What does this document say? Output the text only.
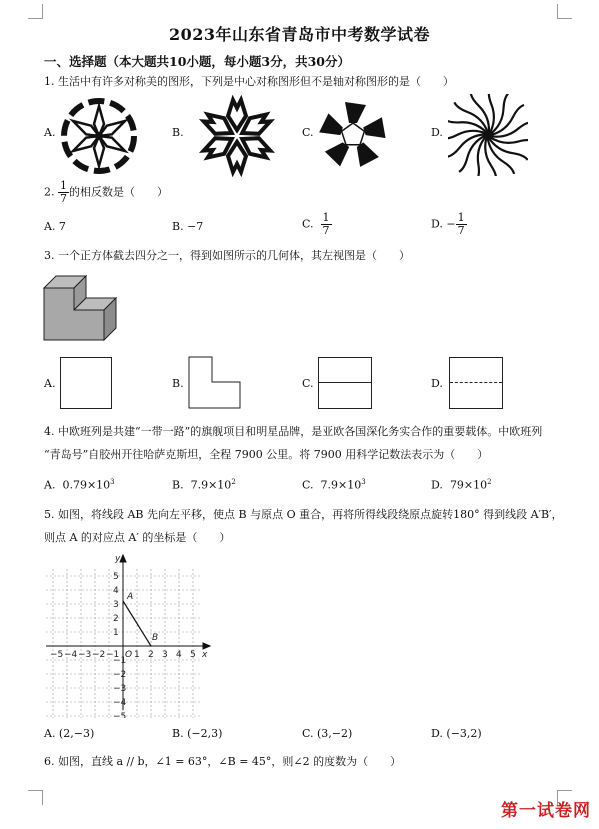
2023年山东省青岛市中考数学试卷
一、选择题（本大题共10小题，每小题3分，共30分）
1. 生活中有许多对称美的图形，下列是中心对称图形但不是轴对称图形的是（　　）
A.	B.	C.	D.
2. $\frac{1}{7}$ 的相反数是（　　）
A. 7	B. −7	C. $\frac{1}{7}$	D. − $\frac{1}{7}$
3. 一个正方体截去四分之一，得到如图所示的几何体，其左视图是（　　）
A.	B.	C.	D.
4. 中欧班列是共建“一带一路”的旗舰项目和明星品牌，是亚欧各国深化务实合作的重要载体。中欧班列
“青岛号”自胶州开往哈萨克斯坦，全程 7900 公里。将 7900 用科学记数法表示为（　　）
A. $0.79\times 10^3$	B. $7.9\times 10^2$	C. $7.9\times 10^3$	D. $79\times 10^2$
5. 如图，将线段 AB 先向左平移，使点 B 与原点 O 重合，再将所得线段绕原点旋转180° 得到线段 A′B′，
则点 A 的对应点 A′ 的坐标是（　　）
x
y
−5 −4 −3 −2 −1 1 2 3 4 5
5
4
3
2
1
−1
−2
−3
−4
−5
O
A
B
A. (2,−3)	B. (−2,3)	C. (3,−2)	D. (−3,2)
6. 如图，直线 a // b，∠1 = 63°，∠B = 45°，则∠2 的度数为（　　）
第一试卷网
